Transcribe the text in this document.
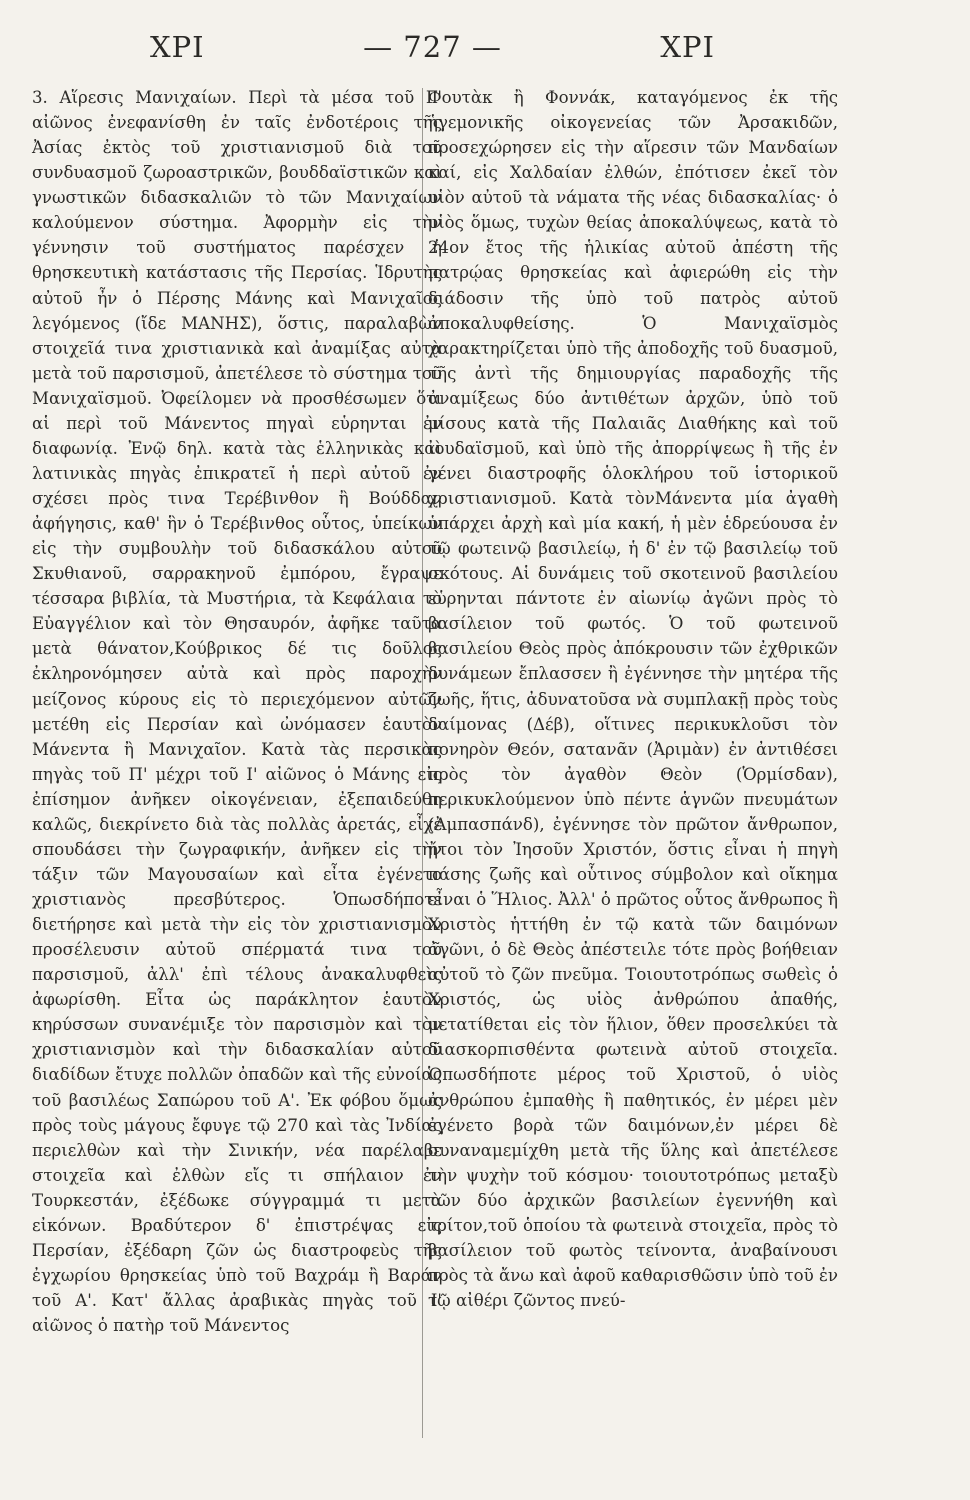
ΧΡΙ	— 727 —	ΧΡΙ

3. Αἵρεσις Μανιχαίων. Περὶ τὰ μέσα τοῦ Γ' αἰῶνος ἐνεφανίσθη ἐν ταῖς ἐνδοτέροις τῆς Ἀσίας ἐκτὸς τοῦ χριστιανισμοῦ διὰ τοῦ συνδυασμοῦ ζωροαστρικῶν, βουδδαϊστικῶν καὶ γνωστικῶν διδασκαλιῶν τὸ τῶν Μανιχαίων καλούμενον σύστημα. Ἀφορμὴν εἰς τὴν γέννησιν τοῦ συστήματος παρέσχεν ἡ θρησκευτικὴ κατάστασις τῆς Περσίας. Ἱδρυτὴς αὐτοῦ ἦν ὁ Πέρσης Μάνης καὶ Μανιχαῖος λεγόμενος (ἴδε ΜΑΝΗΣ), ὅστις, παραλαβὼν στοιχεῖά τινα χριστιανικὰ καὶ ἀναμίξας αὐτὰ μετὰ τοῦ παρσισμοῦ, ἀπετέλεσε τὸ σύστημα τοῦ Μανιχαϊσμοῦ. Ὀφείλομεν νὰ προσθέσωμεν ὅτι αἱ περὶ τοῦ Μάνεντος πηγαὶ εὑρηνται ἐν διαφωνίᾳ. Ἐνῷ δηλ. κατὰ τὰς ἑλληνικὰς καὶ λατινικὰς πηγὰς ἐπικρατεῖ ἡ περὶ αὐτοῦ ἐν σχέσει πρὸς τινα Τερέβινθον ἢ Βούδδαν ἀφήγησις, καθ' ἣν ὁ Τερέβινθος οὗτος, ὑπείκων εἰς τὴν συμβουλὴν τοῦ διδασκάλου αὐτοῦ Σκυθιανοῦ, σαρρακηνοῦ ἐμπόρου, ἔγραψε τέσσαρα βιβλία, τὰ Μυστήρια, τὰ Κεφάλαια τὸ Εὐαγγέλιον καὶ τὸν Θησαυρόν, ἀφῆκε ταῦτα μετὰ θάνατον,Κούβρικος δέ τις δοῦλος ἐκληρονόμησεν αὐτὰ καὶ πρὸς παροχὴν μείζονος κύρους εἰς τὸ περιεχόμενον αὐτῶν μετέθη εἰς Περσίαν καὶ ὠνόμασεν ἑαυτὸν Μάνεντα ἢ Μανιχαῖον. Κατὰ τὰς περσικὰς πηγὰς τοῦ Π' μέχρι τοῦ Ι' αἰῶνος ὁ Μάνης εἰς ἐπίσημον ἀνῆκεν οἰκογένειαν, ἐξεπαιδεύθη καλῶς, διεκρίνετο διὰ τὰς πολλὰς ἀρετάς, εἶχε σπουδάσει τὴν ζωγραφικήν, ἀνῆκεν εἰς τὴν τάξιν τῶν Μαγουσαίων καὶ εἶτα ἐγένετο χριστιανὸς πρεσβύτερος. Ὁπωσδήποτε διετήρησε καὶ μετὰ τὴν εἰς τὸν χριστιανισμὸν προσέλευσιν αὐτοῦ σπέρματά τινα τοῦ παρσισμοῦ, ἀλλ' ἐπὶ τέλους ἀνακαλυφθεὶς ἀφωρίσθη. Εἶτα ὡς παράκλητον ἑαυτὸν κηρύσσων συνανέμιξε τὸν παρσισμὸν καὶ τὸν χριστιανισμὸν καὶ τὴν διδασκαλίαν αὐτοῦ διαδίδων ἔτυχε πολλῶν ὀπαδῶν καὶ τῆς εὐνοίας τοῦ βασιλέως Σαπώρου τοῦ Α'. Ἐκ φόβου ὅμως πρὸς τοὺς μάγους ἔφυγε τῷ 270 καὶ τὰς Ἰνδίας περιελθὼν καὶ τὴν Σινικήν, νέα παρέλαβε στοιχεῖα καὶ ἐλθὼν εἴς τι σπήλαιον ἐν Τουρκεστάν, ἐξέδωκε σύγγραμμά τι μετὰ εἰκόνων. Βραδύτερον δ' ἐπιστρέψας εἰς Περσίαν, ἐξέδαρη ζῶν ὡς διαστροφεὺς τῆς ἐγχωρίου θρησκείας ὑπὸ τοῦ Βαχράμ ἢ Βαράν τοῦ Α'. Κατ' ἄλλας ἀραβικὰς πηγὰς τοῦ Ι' αἰῶνος ὁ πατὴρ τοῦ Μάνεντος

Φουτὰκ ἢ Φοννάκ, καταγόμενος ἐκ τῆς ἡγεμονικῆς οἰκογενείας τῶν Ἀρσακιδῶν, προσεχώρησεν εἰς τὴν αἵρεσιν τῶν Μανδαίων καί, εἰς Χαλδαίαν ἐλθών, ἐπότισεν ἐκεῖ τὸν υἱὸν αὐτοῦ τὰ νάματα τῆς νέας διδασκαλίας· ὁ υἱὸς ὅμως, τυχὼν θείας ἀποκαλύψεως, κατὰ τὸ 24ον ἔτος τῆς ἡλικίας αὐτοῦ ἀπέστη τῆς πατρῴας θρησκείας καὶ ἀφιερώθη εἰς τὴν διάδοσιν τῆς ὑπὸ τοῦ πατρὸς αὐτοῦ ἀποκαλυφθείσης. Ὁ Μανιχαϊσμὸς χαρακτηρίζεται ὑπὸ τῆς ἀποδοχῆς τοῦ δυασμοῦ, τῆς ἀντὶ τῆς δημιουργίας παραδοχῆς τῆς ἀναμίξεως δύο ἀντιθέτων ἀρχῶν, ὑπὸ τοῦ μίσους κατὰ τῆς Παλαιᾶς Διαθήκης καὶ τοῦ ἰουδαϊσμοῦ, καὶ ὑπὸ τῆς ἀπορρίψεως ἢ τῆς ἐν γένει διαστροφῆς ὁλοκλήρου τοῦ ἱστορικοῦ χριστιανισμοῦ. Κατὰ τὸνΜάνεντα μία ἀγαθὴ ὑπάρχει ἀρχὴ καὶ μία κακή, ἡ μὲν ἑδρεύουσα ἐν τῷ φωτεινῷ βασιλείῳ, ἡ δ' ἐν τῷ βασιλείῳ τοῦ σκότους. Αἱ δυνάμεις τοῦ σκοτεινοῦ βασιλείου εὑρηνται πάντοτε ἐν αἰωνίῳ ἀγῶνι πρὸς τὸ βασίλειον τοῦ φωτός. Ὁ τοῦ φωτεινοῦ βασιλείου Θεὸς πρὸς ἀπόκρουσιν τῶν ἐχθρικῶν δυνάμεων ἔπλασσεν ἢ ἐγέννησε τὴν μητέρα τῆς ζωῆς, ἥτις, ἀδυνατοῦσα νὰ συμπλακῇ πρὸς τοὺς δαίμονας (Δέβ), οἵτινες περικυκλοῦσι τὸν πονηρὸν Θεόν, σατανᾶν (Ἀριμὰν) ἐν ἀντιθέσει πρὸς τὸν ἀγαθὸν Θεὸν (Ὁρμίσδαν), περικυκλούμενον ὑπὸ πέντε ἁγνῶν πνευμάτων (Ἀμπασπάνδ), ἐγέννησε τὸν πρῶτον ἄνθρωπον, ἤτοι τὸν Ἰησοῦν Χριστόν, ὅστις εἶναι ἡ πηγὴ πάσης ζωῆς καὶ οὗτινος σύμβολον καὶ οἴκημα εἶναι ὁ Ἥλιος. Ἀλλ' ὁ πρῶτος οὗτος ἄνθρωπος ἢ Χριστὸς ἡττήθη ἐν τῷ κατὰ τῶν δαιμόνων ἀγῶνι, ὁ δὲ Θεὸς ἀπέστειλε τότε πρὸς βοήθειαν αὐτοῦ τὸ ζῶν πνεῦμα. Τοιουτοτρόπως σωθεὶς ὁ Χριστός, ὡς υἱὸς ἀνθρώπου ἀπαθής, μετατίθεται εἰς τὸν ἥλιον, ὅθεν προσελκύει τὰ διασκορπισθέντα φωτεινὰ αὐτοῦ στοιχεῖα. Ὁπωσδήποτε μέρος τοῦ Χριστοῦ, ὁ υἱὸς ἀνθρώπου ἐμπαθὴς ἢ παθητικός, ἐν μέρει μὲν ἐγένετο βορὰ τῶν δαιμόνων,ἐν μέρει δὲ συναναμεμίχθη μετὰ τῆς ὕλης καὶ ἀπετέλεσε τὴν ψυχὴν τοῦ κόσμου· τοιουτοτρόπως μεταξὺ τῶν δύο ἀρχικῶν βασιλείων ἐγεννήθη καὶ τρίτον,τοῦ ὁποίου τὰ φωτεινὰ στοιχεῖα, πρὸς τὸ βασίλειον τοῦ φωτὸς τείνοντα, ἀναβαίνουσι πρὸς τὰ ἄνω καὶ ἀφοῦ καθαρισθῶσιν ὑπὸ τοῦ ἐν τῷ αἰθέρι ζῶντος πνεύ-
